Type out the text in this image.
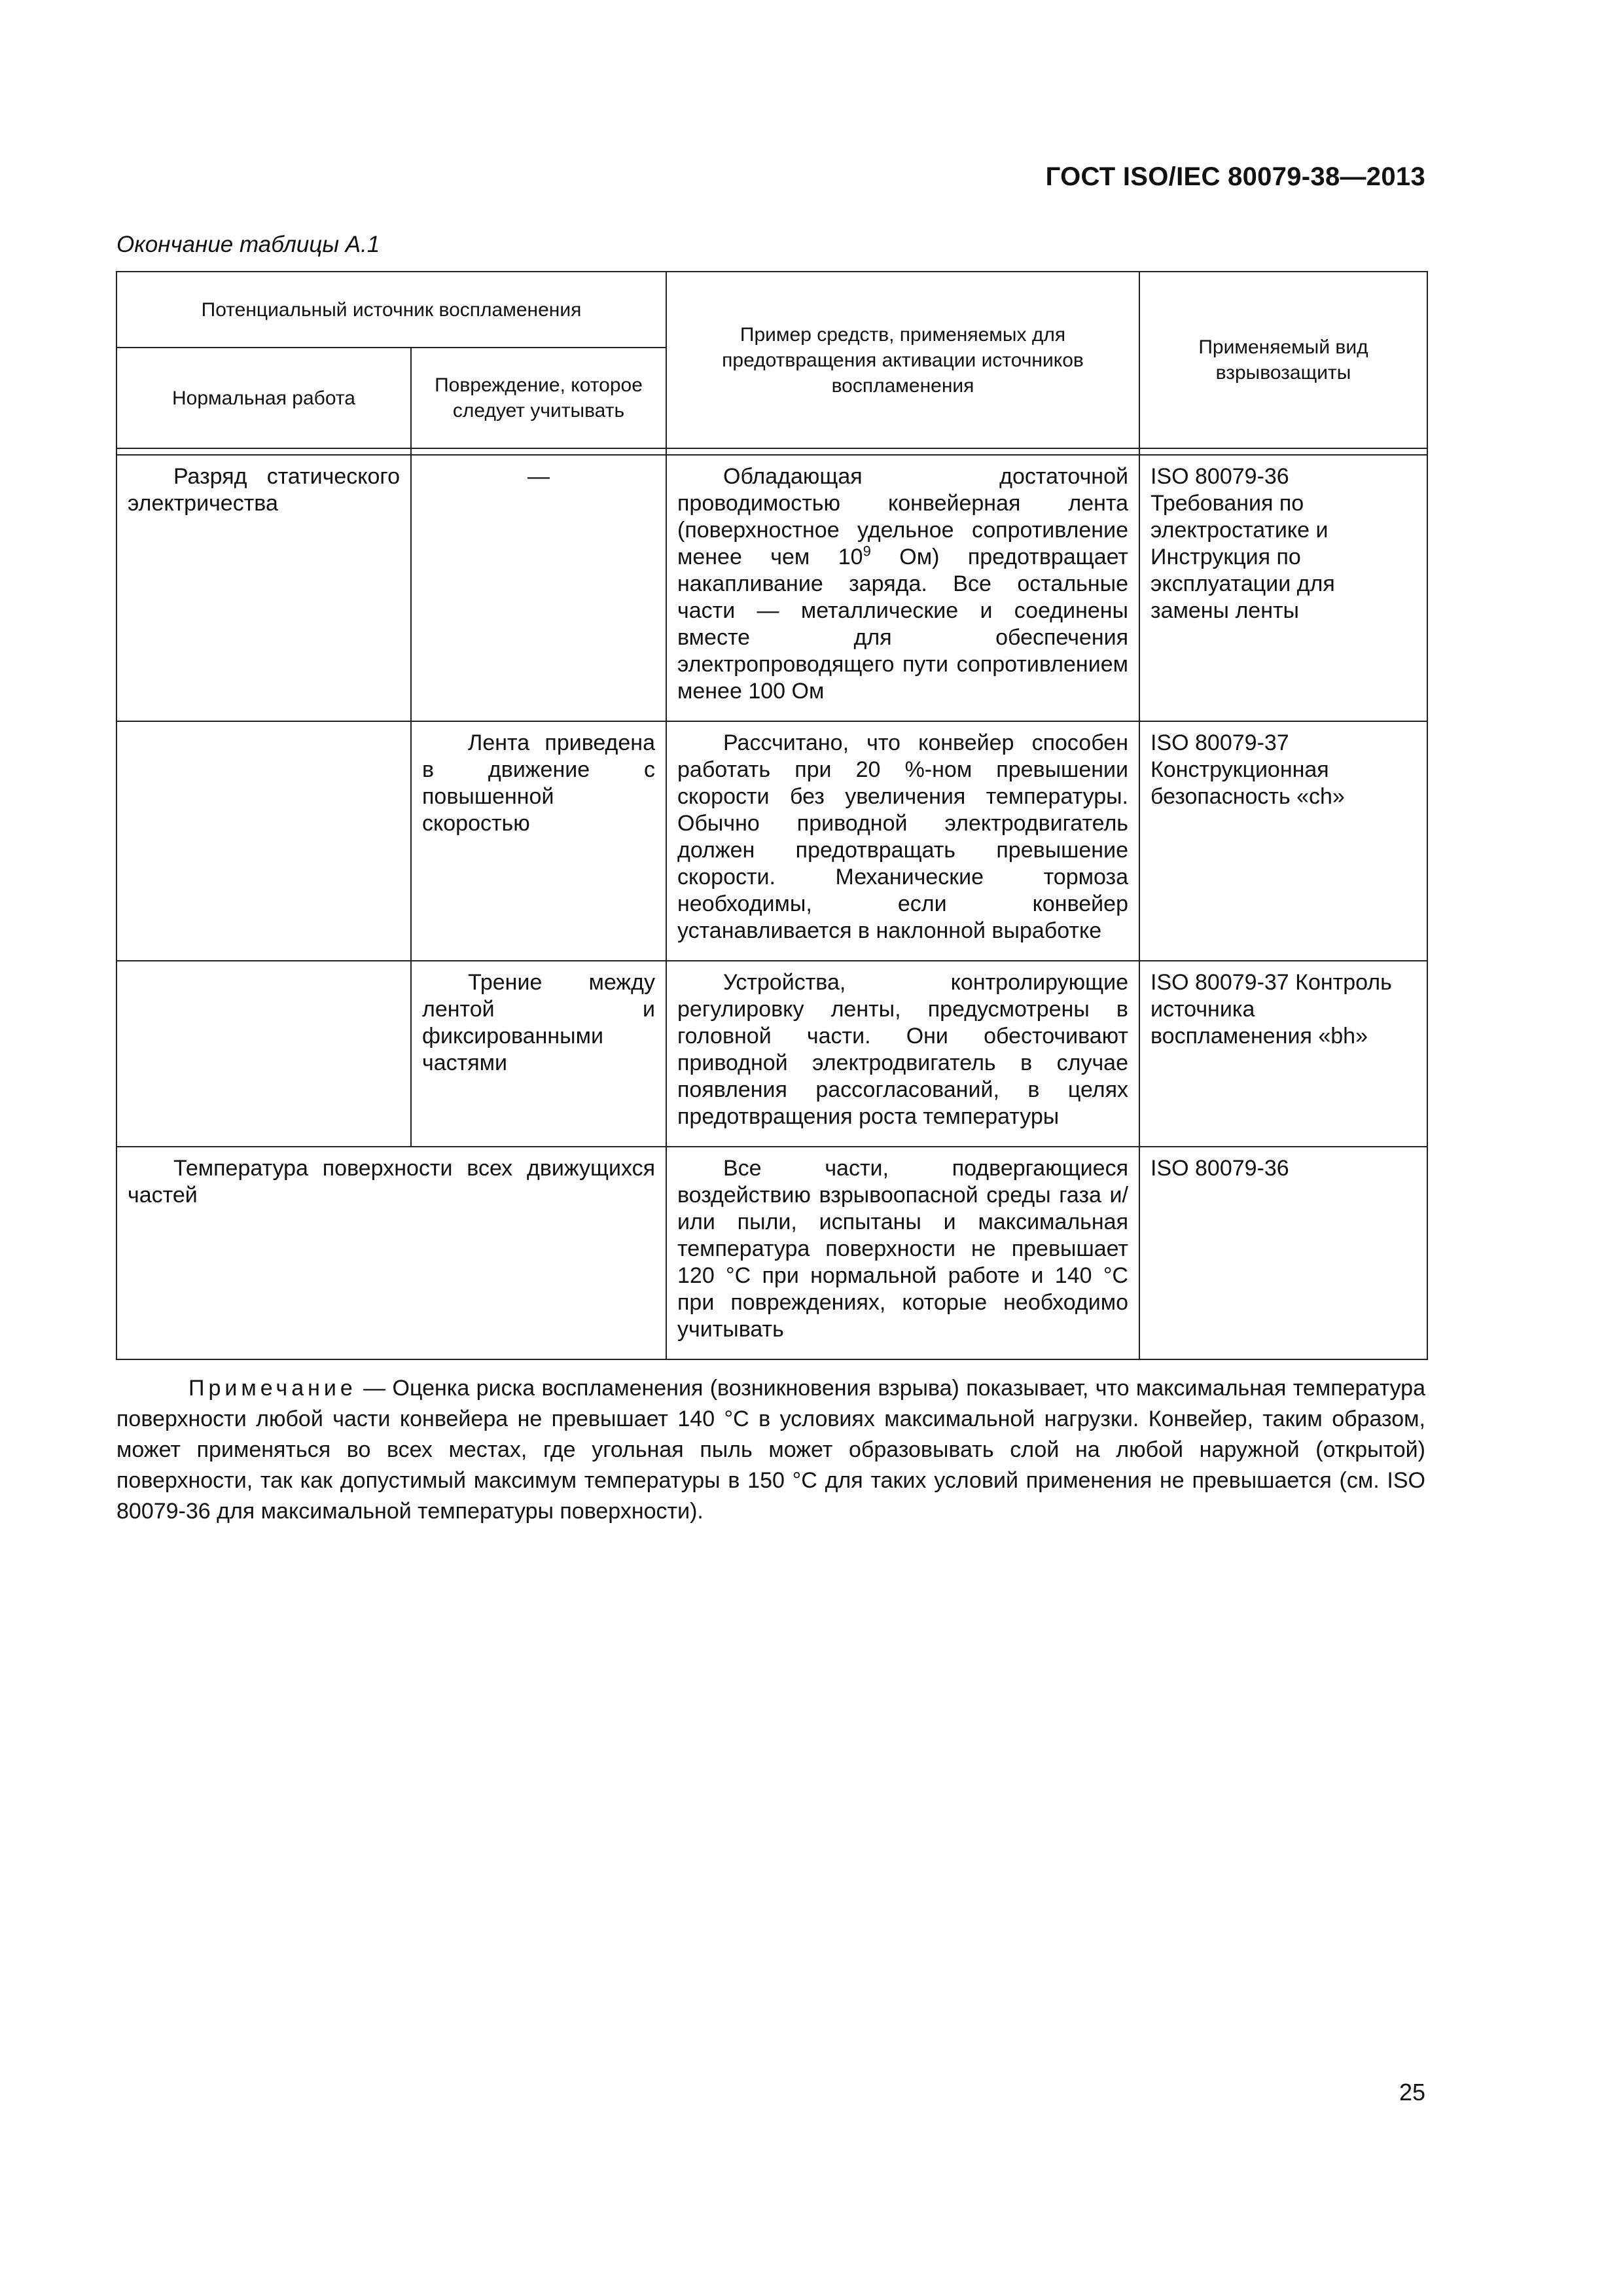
ГОСТ ISO/IEC 80079-38—2013
Окончание таблицы А.1
Потенциальный источник воспламенения		Пример средств, применяемых для предотвращения активации источников воспламенения	Применяемый вид взрывозащиты
Нормальная работа	Повреждение, которое следует учитывать		

Разряд статического электричества	—	Обладающая достаточной проводимостью конвейерная лента (поверхностное удельное сопротивление менее чем $10^9$ Ом) предотвращает накапливание заряда. Все остальные части — металлические и соединены вместе для обеспечения электропроводящего пути сопротивлением менее 100 Ом	ISO 80079-36 Требования по электростатике и Инструкция по эксплуатации для замены ленты
	Лента приведена в движение с повышенной скоростью	Рассчитано, что конвейер способен работать при 20 %-ном превышении скорости без увеличения температуры. Обычно приводной электродвигатель должен предотвращать превышение скорости. Механические тормоза необходимы, если конвейер устанавливается в наклонной выработке	ISO 80079-37 Конструкционная безопасность «ch»
	Трение между лентой и фиксированными частями	Устройства, контролирующие регулировку ленты, предусмотрены в головной части. Они обесточивают приводной электродвигатель в случае появления рассогласований, в целях предотвращения роста температуры	ISO 80079-37 Контроль источника воспламенения «bh»
Температура поверхности всех движущихся частей		Все части, подвергающиеся воздействию взрывоопасной среды газа и/или пыли, испытаны и максимальная температура поверхности не превышает 120 °С при нормальной работе и 140 °С при повреждениях, которые необходимо учитывать	ISO 80079-36
Примечание — Оценка риска воспламенения (возникновения взрыва) показывает, что максимальная температура поверхности любой части конвейера не превышает 140 °С в условиях максимальной нагрузки. Конвейер, таким образом, может применяться во всех местах, где угольная пыль может образовывать слой на любой наружной (открытой) поверхности, так как допустимый максимум температуры в 150 °С для таких условий применения не превышается (см. ISO 80079-36 для максимальной температуры поверхности).
25
